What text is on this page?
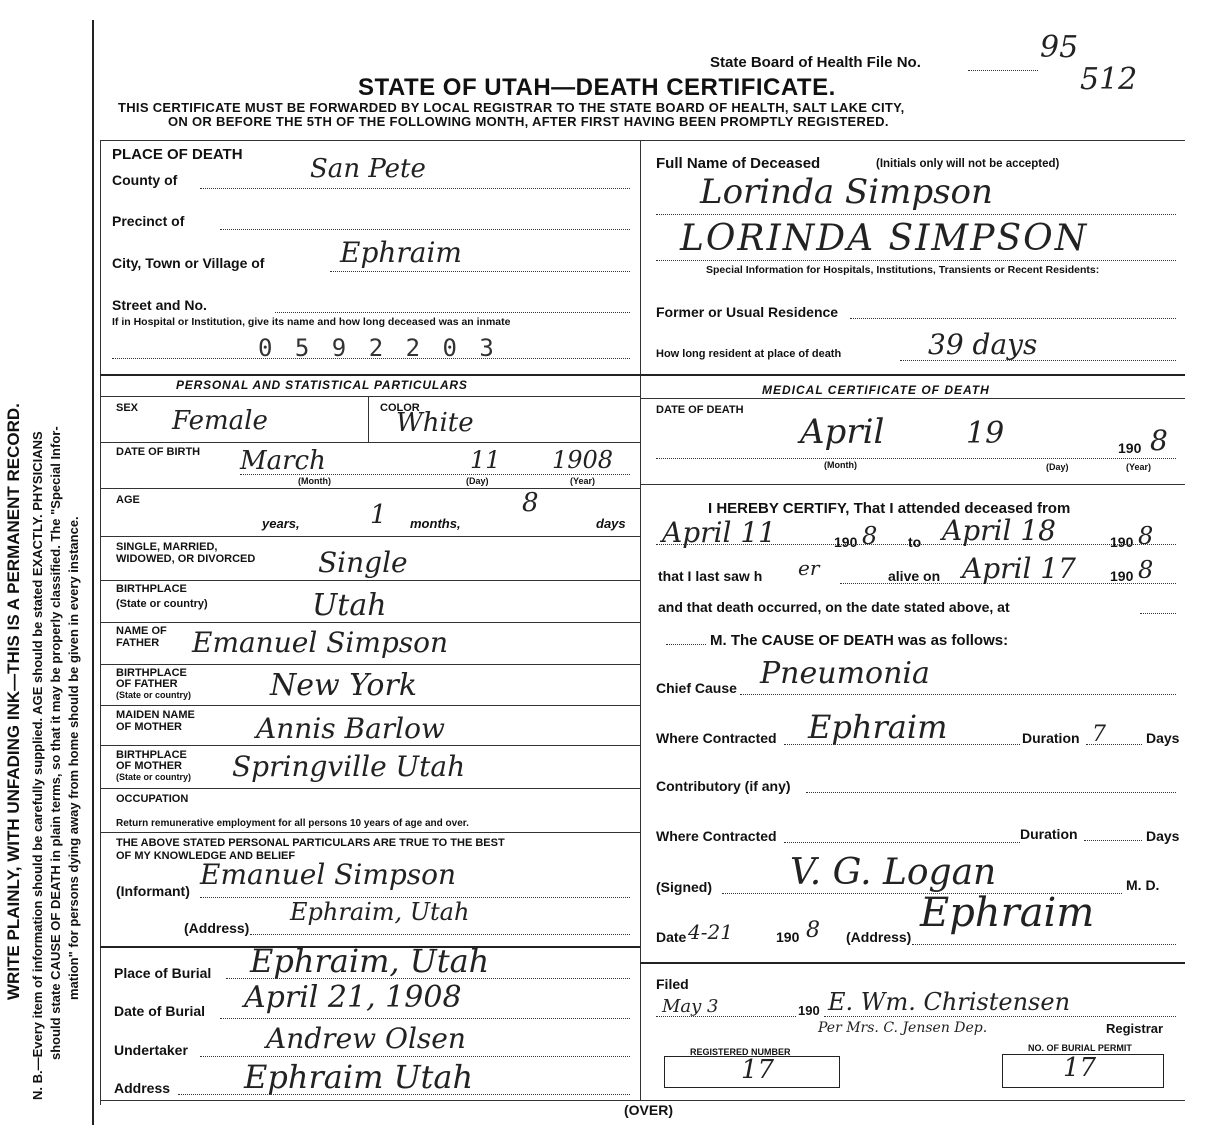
WRITE PLAINLY, WITH UNFADING INK—THIS IS A PERMANENT RECORD. N. B.—Every item of information should be carefully supplied. AGE should be stated EXACTLY. PHYSICIANS should state CAUSE OF DEATH in plain terms, so that it may be properly classified. The "Special Infor- mation" for persons dying away from home should be given in every instance.
State Board of Health File No.	95
512
STATE OF UTAH—DEATH CERTIFICATE.
THIS CERTIFICATE MUST BE FORWARDED BY LOCAL REGISTRAR TO THE STATE BOARD OF HEALTH, SALT LAKE CITY,
ON OR BEFORE THE 5TH OF THE FOLLOWING MONTH, AFTER FIRST HAVING BEEN PROMPTLY REGISTERED.
PLACE OF DEATH
County of	San Pete
Precinct of
City, Town or Village of	Ephraim
Street and No.
If in Hospital or Institution, give its name and how long deceased was an inmate
0 5 9 2 2 0 3
Full Name of Deceased	(Initials only will not be accepted)
Lorinda Simpson
LORINDA SIMPSON
Special Information for Hospitals, Institutions, Transients or Recent Residents:
Former or Usual Residence
How long resident at place of death	39 days
PERSONAL AND STATISTICAL PARTICULARS
SEX Female	COLOR
White
DATE OF BIRTH March	11 1908
(Month)	(Day)	(Year)
AGE
years,	1 months,
8
days
SINGLE, MARRIED,
WIDOWED, OR DIVORCED Single
BIRTHPLACE
(State or country)	Utah
NAME OF
FATHER Emanuel Simpson
BIRTHPLACE
OF FATHER
(State or country)	New York
MAIDEN NAME
OF MOTHER	Annis Barlow
BIRTHPLACE
OF MOTHER
(State or country) Springville Utah
OCCUPATION
Return remunerative employment for all persons 10 years of age and over.
THE ABOVE STATED PERSONAL PARTICULARS ARE TRUE TO THE BEST
OF MY KNOWLEDGE AND BELIEF
(Informant) Emanuel Simpson
(Address)
Ephraim, Utah
Place of Burial Ephraim, Utah
Date of Burial April 21, 1908
Undertaker	Andrew Olsen
Address Ephraim Utah
MEDICAL CERTIFICATE OF DEATH
DATE OF DEATH
April	19	190 8
(Month)	(Day)	(Year)
I HEREBY CERTIFY, That I attended deceased from
April 11	190 8 to April 18	190 8
that I last saw h er	alive on April 17 190 8
and that death occurred, on the date stated above, at
M. The CAUSE OF DEATH was as follows:
Chief Cause Pneumonia
Where Contracted Ephraim	Duration 7	Days
Contributory (if any)
Where Contracted	Duration	Days
(Signed) V. G. Logan	M. D.
Date 4-21	190 8 (Address)
Ephraim
Filed
May 3	190 E. Wm. Christensen
Per Mrs. C. Jensen Dep.	Registrar
REGISTERED NUMBER
17
NO. OF BURIAL PERMIT
17
(OVER)
